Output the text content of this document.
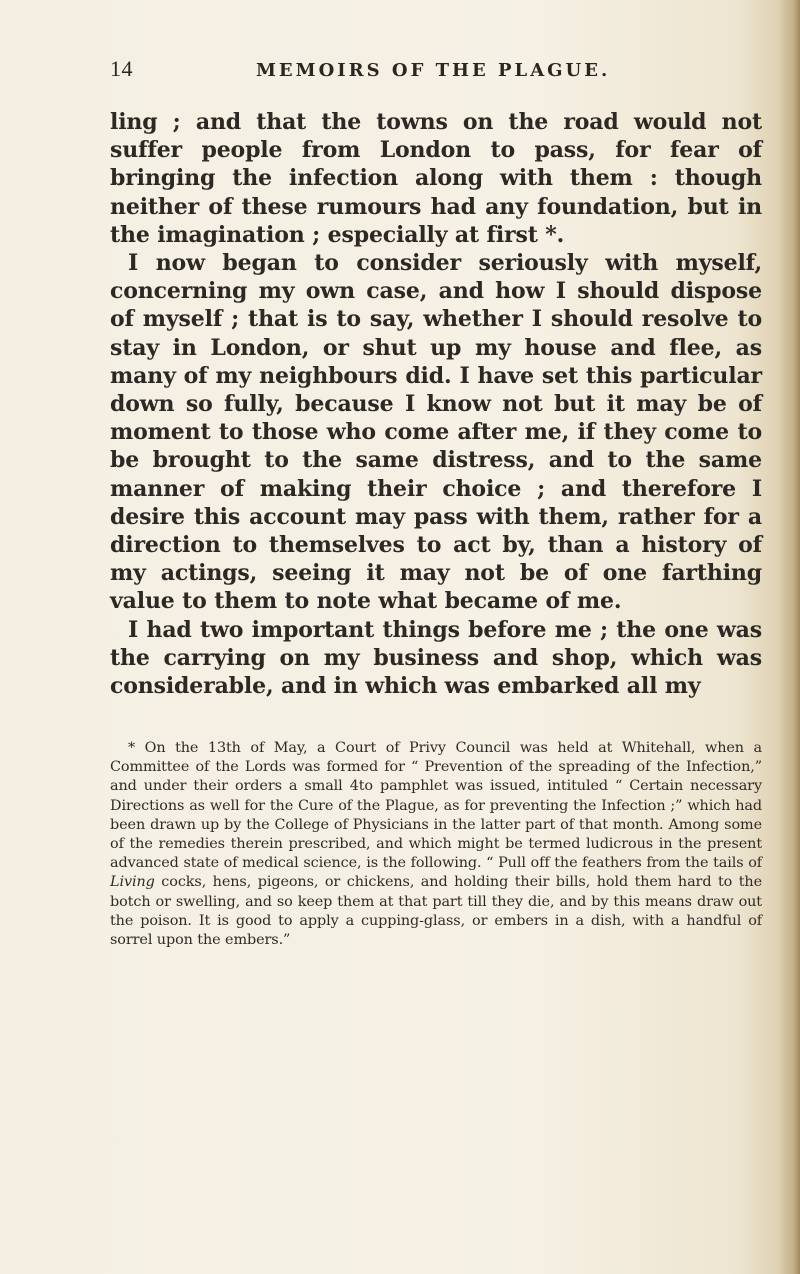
14	MEMOIRS OF THE PLAGUE.

ling ; and that the towns on the road would not suffer people from London to pass, for fear of bringing the infection along with them : though neither of these rumours had any foundation, but in the imagination ; especially at first *.

I now began to consider seriously with myself, concerning my own case, and how I should dispose of myself ; that is to say, whether I should resolve to stay in London, or shut up my house and flee, as many of my neighbours did. I have set this particular down so fully, because I know not but it may be of moment to those who come after me, if they come to be brought to the same distress, and to the same manner of making their choice ; and therefore I desire this account may pass with them, rather for a direction to themselves to act by, than a history of my actings, seeing it may not be of one farthing value to them to note what became of me.

I had two important things before me ; the one was the carrying on my business and shop, which was considerable, and in which was embarked all my

* On the 13th of May, a Court of Privy Council was held at Whitehall, when a Committee of the Lords was formed for “ Prevention of the spreading of the Infection,” and under their orders a small 4to pamphlet was issued, intituled “ Certain necessary Directions as well for the Cure of the Plague, as for preventing the Infection ;” which had been drawn up by the College of Physicians in the latter part of that month. Among some of the remedies therein prescribed, and which might be termed ludicrous in the present advanced state of medical science, is the following. “ Pull off the feathers from the tails of Living cocks, hens, pigeons, or chickens, and holding their bills, hold them hard to the botch or swelling, and so keep them at that part till they die, and by this means draw out the poison. It is good to apply a cupping-glass, or embers in a dish, with a handful of sorrel upon the embers.”
